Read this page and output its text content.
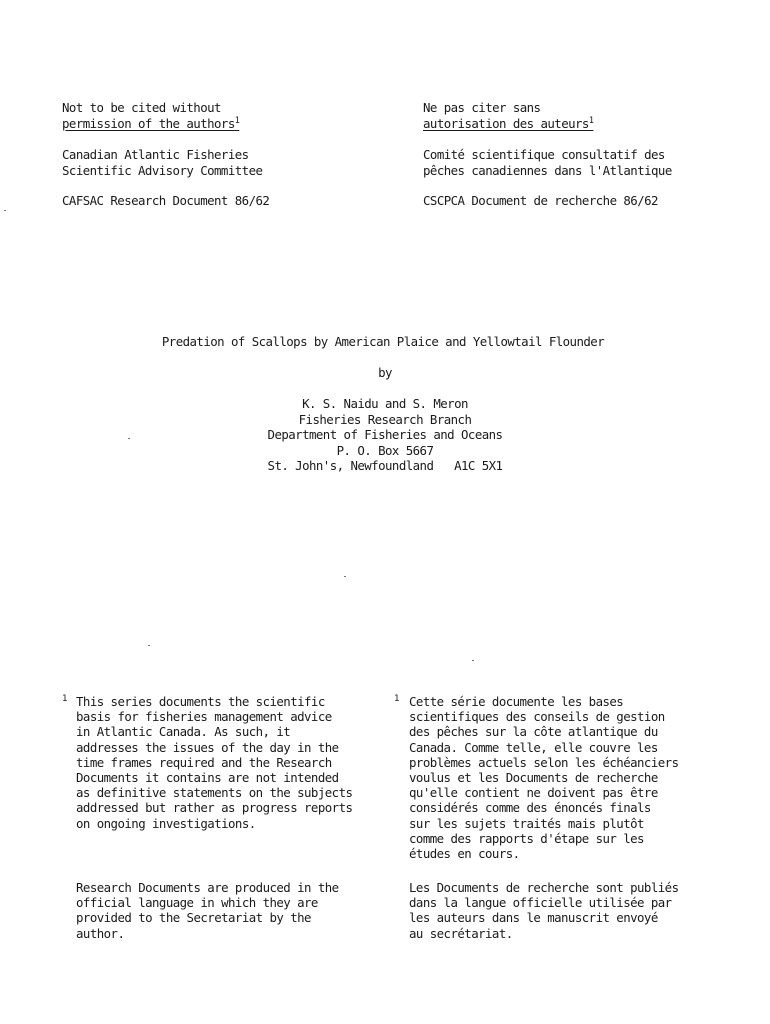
Not to be cited without
permission of the authors$^1$
Canadian Atlantic Fisheries
Scientific Advisory Committee
CAFSAC Research Document 86/62
Ne pas citer sans
autorisation des auteurs$^1$
Comité scientifique consultatif des
pêches canadiennes dans l'Atlantique
CSCPCA Document de recherche 86/62
Predation of Scallops by American Plaice and Yellowtail Flounder
by
K. S. Naidu and S. Meron
Fisheries Research Branch
Department of Fisheries and Oceans
P. O. Box 5667
St. John's, Newfoundland   A1C 5X1
1 This series documents the scientific
basis for fisheries management advice
in Atlantic Canada. As such, it
addresses the issues of the day in the
time frames required and the Research
Documents it contains are not intended
as definitive statements on the subjects
addressed but rather as progress reports
on ongoing investigations.
Research Documents are produced in the
official language in which they are
provided to the Secretariat by the
author.
1 Cette série documente les bases
scientifiques des conseils de gestion
des pêches sur la côte atlantique du
Canada. Comme telle, elle couvre les
problèmes actuels selon les échéanciers
voulus et les Documents de recherche
qu'elle contient ne doivent pas être
considérés comme des énoncés finals
sur les sujets traités mais plutôt
comme des rapports d'étape sur les
études en cours.
Les Documents de recherche sont publiés
dans la langue officielle utilisée par
les auteurs dans le manuscrit envoyé
au secrétariat.
